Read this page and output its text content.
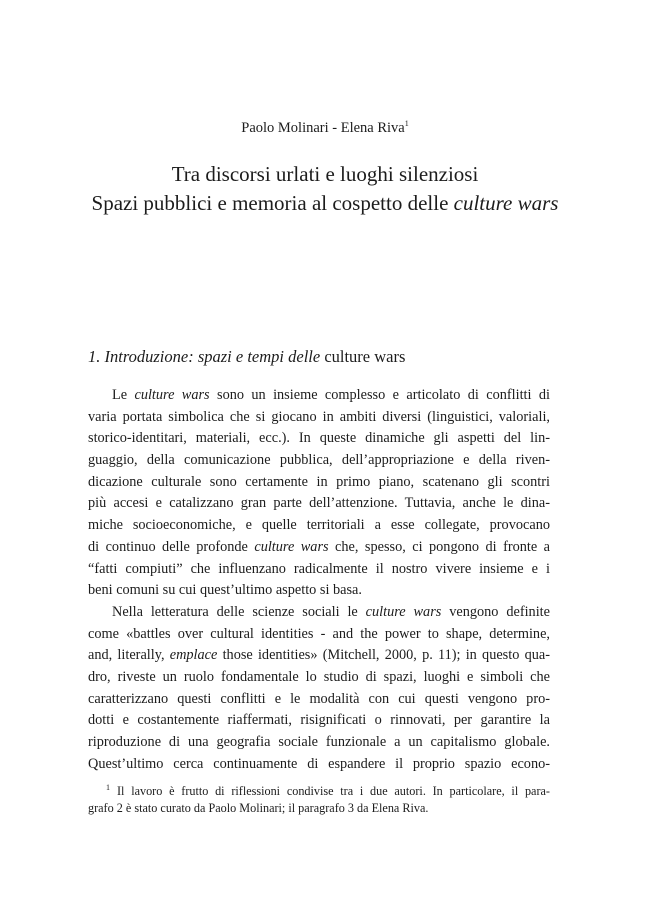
Paolo Molinari - Elena Riva$^1$
Tra discorsi urlati e luoghi silenziosi
Spazi pubblici e memoria al cospetto delle culture wars
1. Introduzione: spazi e tempi delle culture wars
Le culture wars sono un insieme complesso e articolato di conflitti di
varia portata simbolica che si giocano in ambiti diversi (linguistici, valoriali,
storico-identitari, materiali, ecc.). In queste dinamiche gli aspetti del lin-
guaggio, della comunicazione pubblica, dell’appropriazione e della riven-
dicazione culturale sono certamente in primo piano, scatenano gli scontri
più accesi e catalizzano gran parte dell’attenzione. Tuttavia, anche le dina-
miche socioeconomiche, e quelle territoriali a esse collegate, provocano
di continuo delle profonde culture wars che, spesso, ci pongono di fronte a
“fatti compiuti” che influenzano radicalmente il nostro vivere insieme e i
beni comuni su cui quest’ultimo aspetto si basa.
Nella letteratura delle scienze sociali le culture wars vengono definite
come «battles over cultural identities - and the power to shape, determine,
and, literally, emplace those identities» (Mitchell, 2000, p. 11); in questo qua-
dro, riveste un ruolo fondamentale lo studio di spazi, luoghi e simboli che
caratterizzano questi conflitti e le modalità con cui questi vengono pro-
dotti e costantemente riaffermati, risignificati o rinnovati, per garantire la
riproduzione di una geografia sociale funzionale a un capitalismo globale.
Quest’ultimo cerca continuamente di espandere il proprio spazio econo-
$^1$ Il lavoro è frutto di riflessioni condivise tra i due autori. In particolare, il para-
grafo 2 è stato curato da Paolo Molinari; il paragrafo 3 da Elena Riva.
